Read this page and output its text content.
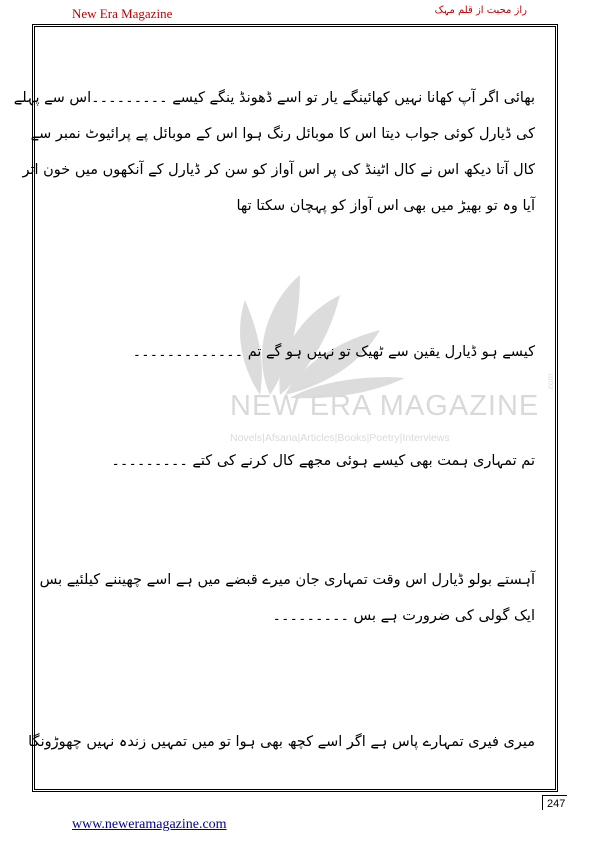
New Era Magazine	راز محبت از قلم مہک
NEW ERA MAGAZINE
.com
Novels|Afsana|Articles|Books|Poetry|Interviews

بھائی اگر آپ کھانا نہیں کھائینگے یار تو اسے ڈھونڈ ینگے کیسے ۔۔۔۔۔۔۔۔۔اس سے پہلے
کی ڈیارل کوئی جواب دیتا اس کا موبائل رنگ ہوا اس کے موبائل پے پرائیوٹ نمبر سے
کال آتا دیکھ اس نے کال اٹینڈ کی پر اس آواز کو سن کر ڈیارل کے آنکھوں میں خون اتر
آیا وہ تو بھیڑ میں بھی اس آواز کو پہچان سکتا تھا

کیسے ہو ڈیارل یقین سے ٹھیک تو نہیں ہو گے تم ۔۔۔۔۔۔۔۔۔۔۔۔۔

تم تمہاری ہمت بھی کیسے ہوئی مجھے کال کرنے کی کتے ۔۔۔۔۔۔۔۔۔

آہستے بولو ڈیارل اس وقت تمہاری جان میرے قبضے میں ہے اسے چھیننے کیلئیے بس
ایک گولی کی ضرورت ہے بس ۔۔۔۔۔۔۔۔۔

میری فیری تمہارے پاس ہے اگر اسے کچھ بھی ہوا تو میں تمہیں زندہ نہیں چھوڑونگا

247
www.neweramagazine.com
